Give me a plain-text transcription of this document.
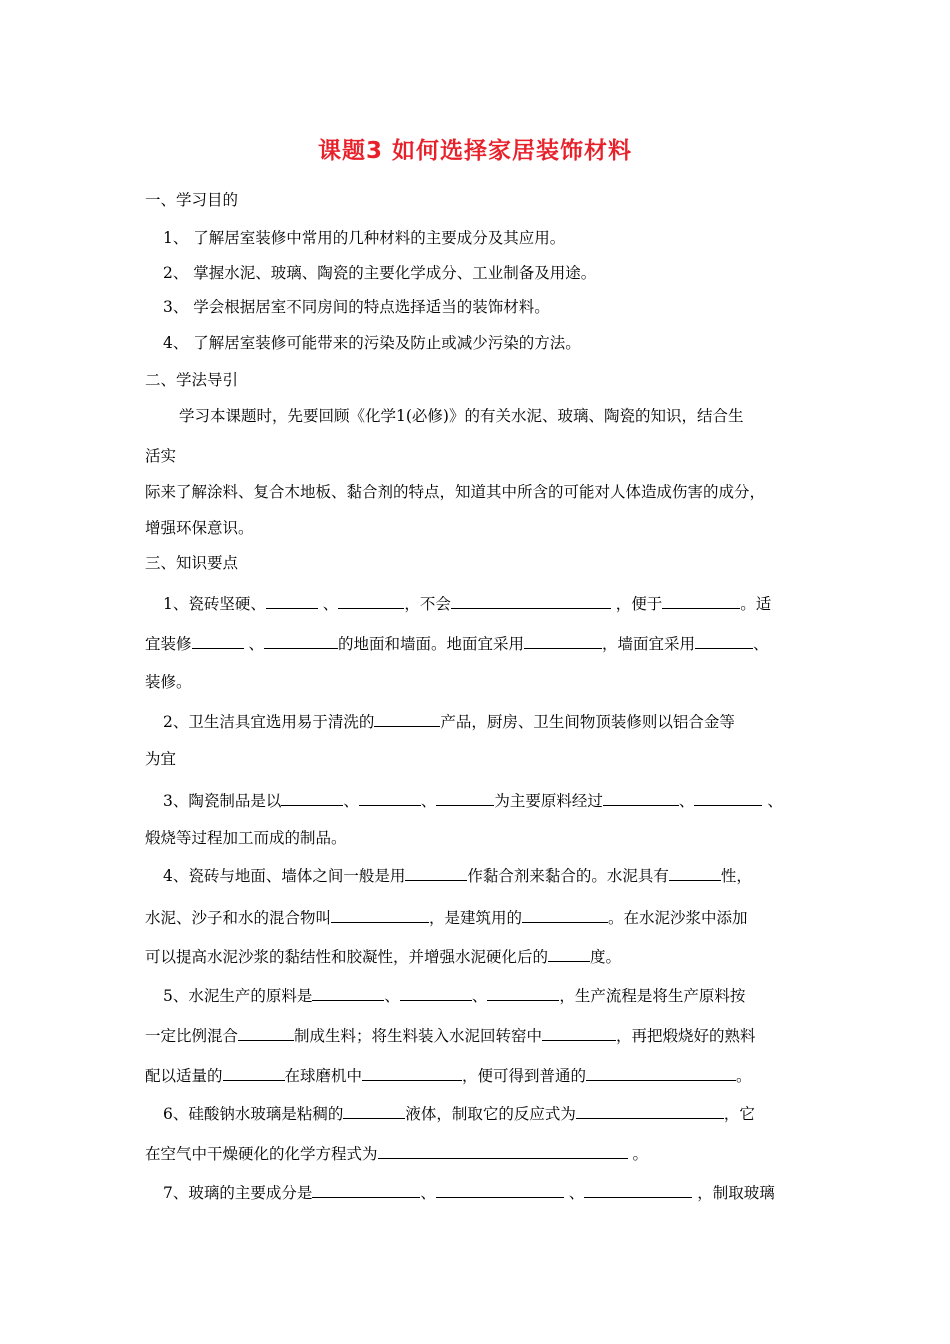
课题3 如何选择家居装饰材料
一、学习目的
1、 了解居室装修中常用的几种材料的主要成分及其应用。
2、 掌握水泥、玻璃、陶瓷的主要化学成分、工业制备及用途。
3、 学会根据居室不同房间的特点选择适当的装饰材料。
4、 了解居室装修可能带来的污染及防止或减少污染的方法。
二、学法导引
学习本课题时，先要回顾《化学1(必修)》的有关水泥、玻璃、陶瓷的知识，结合生
活实
际来了解涂料、复合木地板、黏合剂的特点，知道其中所含的可能对人体造成伤害的成分，
增强环保意识。
三、知识要点
1、瓷砖坚硬、	、	，不会	，便于	。适
宜装修	、	的地面和墙面。地面宜采用	，墙面宜采用	、
装修。
2、卫生洁具宜选用易于清洗的	产品，厨房、卫生间物顶装修则以铝合金等
为宜
3、陶瓷制品是以	、	、	为主要原料经过	、	、
煅烧等过程加工而成的制品。
4、瓷砖与地面、墙体之间一般是用	作黏合剂来黏合的。水泥具有	性，
水泥、沙子和水的混合物叫	，是建筑用的	。在水泥沙浆中添加
可以提高水泥沙浆的黏结性和胶凝性，并增强水泥硬化后的	度。
5、水泥生产的原料是	、	、	，生产流程是将生产原料按
一定比例混合	制成生料；将生料装入水泥回转窑中	，再把煅烧好的熟料
配以适量的	在球磨机中	，便可得到普通的	。
6、硅酸钠水玻璃是粘稠的	液体，制取它的反应式为	，它
在空气中干燥硬化的化学方程式为	。
7、玻璃的主要成分是	、	、	，制取玻璃
